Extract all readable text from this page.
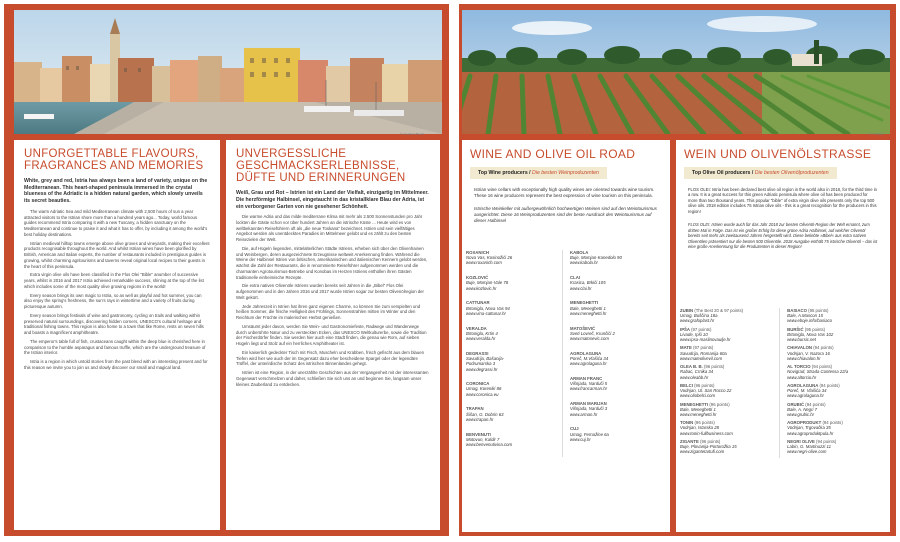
© Jonathan Beerli	© U. Tabela
UNFORGETTABLE FLAVOURS, FRAGRANCES AND MEMORIES

White, grey and red, Istria has always been a land of variety, unique on the Mediterranean. This heart-shaped peninsula immersed in the crystal blueness of the Adriatic is a hidden natural garden, which slowly unveils its secret beauties.

The warm Adriatic Sea and mild Mediterranean climate with 2,500 hours of sun a year attracted visitors to the Istrian shore more than a hundred years ago... Today, world famous guides recommend Istria comparing it with a new Tuscany, a hidden sanctuary on the Mediterranean and continue to praise it and what it has to offer, by including it among the world's best holiday destinations.

Istrian medieval hilltop towns emerge above olive groves and vineyards, making their excellent products recognisable throughout the world. And whilst Istrian wines have been glorified by British, American and Italian experts, the number of restaurants included in prestigious guides is growing, whilst charming agritourisms and taverns reveal original local recipes to their guests in the heart of this peninsula.

Extra virgin olive oils have been classified in the Flos Olei "Bible" anumber of successive years, whilst in 2016 and 2017 Istria achieved remarkable success, shining at the top of the list which includes some of the most quality olive growing regions in the world!

Every season brings its own magic to Istria, so as well as playful and hot summer, you can also enjoy the spring's freshness, the sun's rays in wintertime and a variety of fruits during picturesque autumn.

Every season brings festivals of wine and gastronomy, cycling on trails and walking within preserved natural surroundings, discovering hidden corners, UNESCO's cultural heritage and traditional fishing towns. This region is also home to a town that like Rome, rests on seven hills and boasts a magnificent amphitheatre.

The emperor's table full of fish, crustaceans caught within the deep blue is cherished here in comparison to the humble asparagus and famous truffle, which are the underground treasure of the Istrian interior.

Istria is a region in which untold stories from the past blend with an interesting present and for this reason we invite you to join us and slowly discover our small and magical land.

UNVERGESSLICHE GESCHMACKSERLEBNISSE, DÜFTE UND ERINNERUNGEN

Weiß, Grau und Rot – Istrien ist ein Land der Vielfalt, einzigartig im Mittelmeer. Die herzförmige Halbinsel, eingetaucht in das kristallklare Blau der Adria, ist ein verborgener Garten von nie gesehener Schönheit.

Die warme Adria und das milde mediterrane Klima mit mehr als 2.500 Sonnenstunden pro Jahr lockten die Gäste schon vor über hundert Jahren an die istrische Küste ... Heute wird es von weltbekannten Reiseführern oft als „die neue Toskana" bezeichnet. Istrien und sein vielfältiges Angebot werden als unentdecktes Paradies im Mittelmeer gelobt und es zählt zu den besten Reisezielen der Welt.

Die, auf Hügeln liegenden, mittelalterlichen Städte Istriens, erheben sich über den Olivenhainen und Weinbergen, deren ausgezeichnete Erzeugnisse weltweit Anerkennung finden. Während die Weine der Halbinsel Istrien von britischen, amerikanischen und italienischen Kennern gelobt werden, wächst die Zahl der Restaurants, die in renommierte Reiseführer aufgenommen werden und die charmanten Agrotourismus-Betriebe und Konobas im Herzen Istriens enthüllen ihren Gästen traditionelle einheimische Rezepte.

Die extra nativen Olivenöle Istriens wurden bereits seit Jahren in die „Bibel" Flos Olei aufgenommen und in den Jahren 2016 und 2017 wurde Istrien sogar zur besten Olivenölregion der Welt gekürt.

Jede Jahreszeit in Istrien hat ihren ganz eigenen Charme, so können Sie zum verspielten und heißen Sommer, die frische Helligkeit des Frühlings, Sonnenstrahlen mitten im Winter und den Reichtum der Früchte im malerischen Herbst genießen.

Umsäumt jeder davon, werden Sie Wein- und Gastronomiefeste, Radwege und Wanderwege durch unberührte Natur und zu versteckten Ecken, das UNESCO Weltkulturerbe, sowie die Tradition der Fischerdörfer finden. Sie werden hier auch eine Stadt finden, die genau wie Rom, auf sieben Hügeln liegt und Stolz auf ein herrliches Amphitheater ist.

Ein kaiserlich gedeckter Tisch mit Fisch, Muscheln und Krabben, frisch gefischt aus dem blauen Tiefen wird hier wie auch der im Gegensatz dazu eher bescheidene Spargel oder der legendäre Trüffel, der unterirdische Schatz des istrischen Binnenlandes gehegt.

Istrien ist eine Region, in der unerzählte Geschichten aus der Vergangenheit mit der interessanten Gegenwart verschmelzen und daher, schließen Sie sich uns an und beginnen Sie, langsam unser kleines Zauberland zu entdecken.

WINE AND OLIVE OIL ROAD
Top Wine producers / Die besten Weinproduzenten

Istrian wine cellars with exceptionally high quality wines are oriented towards wine tourism. These 16 wine producers represent the best expression of wine tourism on this peninsula.

Istrische Weinkeller mit außergewöhnlich hochwertigen Weinen sind auf den Weintourismus ausgerichtet. Diese 16 Weinproduzenten sind der beste Ausdruck des Weintourismus auf dieser Halbinsel

ROXANICH
Nova Vas, Kosinožići 26
www.roxanich.com
KOZLOVIĆ
Buje, Momjan-Vale 78
www.kozlovic.hr
CATTUNAR
Brtonigla, Nova Vas 94
www.vina-cattunar.hr
VERALDA
Brtonigla, Krtin 4
www.veralda.hr
DEGRASSI
Savudrija, Bašanija-
Podrumarska 3
www.degrassi.hr
CORONICA
Umag, Koreniki 86
www.coronica.eu
TRAPAN
Šišan, G. Dobrin 63
www.trapan.hr
BENVENUTI
Motovun, Kaldir 7
www.benvenutivina.com
KABOLA
Buje, Momjan-Kanedolo 90
www.kabola.hr
CLAI
Krasica, Brkići 105
www.clai.hr
MENEGHETTI
Bale, Meneghetti 1
www.meneghetti.hr
MATOŠEVIĆ
Sveti Lovreč, Krunčići 2
www.matosevic.com
AGROLAGUNA
Poreč, M.Vlašića 34
www.agrolaguna.hr
ARMAN FRANC
Višnjada, Narduči 5
www.francarman.hr
ARMAN MARIJAN
Višnjada, Narduči 3
www.arman.hr
CUJ
Umag, Fernažine 6a
www.cuj.hr
WEIN UND OLIVENÖLSTRASSE
Top Olive Oil producers / Die besten Olivenölproduzenten

FLOS OLEI: Istria has been declared best olive oil region in the world also in 2018, for the third time in a row. It is a great success for this green Adriatic peninsula where olive oil has been produced for more than two thousand years. This popular "bible" of extra virgin olive oils presents only the top 500 olive oils. 2018 edition includes 75 Istrian olive oils - this is a great recognition for the producers in this region!

FLOS OLEI: Istrien wurde auch für das Jahr 2018 zur besten Olivenöl-Region der Welt ernannt, zum dritten Mal in Folge. Das ist ein großer Erfolg für diese grüne Adria Halbinsel, auf welcher Olivenöl bereits seit mehr als zweitausend Jahren hergestellt wird. Diese beliebte »Bibel« aus extra nativen Olivenölen präsentiert nur die besten 500 Olivenöle. 2018 Ausgabe enthält 75 istrische Olivenöl – das ist eine große Anerkennung für die Produzenten in dieser Region!

ZUBIN (The Best 20 & 97 points)
Umag, Buščina 18a
www.grafoplast.hr
IPŠA (97 points)
Livade, Ipši 10
www.ipsa-maslinovaulje.hr
MATE (97 points)
Savudrija, Romanija 60a
www.mateolivevil.com
OLEA B. B. (96 points)
Rabac, Crnika 34
www.oleabb.hr
BELCI (96 points)
Vodnjan, Ul. San Rocco 22
www.oliobelci.com
MENEGHETTI (96 points)
Bale, Meneghetti 1
www.meneghetti.hr
TONIN (96 points)
Vodnjan, Istarska 28
www.tonin-fullbusiness.com
ZIGANTE (96 points)
Buje, Plovanija-Portorožka 15
www.zigantetartufi.com
BASIACO (95 points)
Bale, A.Mascon 15
www.eboje.info/basiaco
BURŠIĆ (95 points)
Brtonigla, Nova Vas 102
www.bursic.net
CHIAVALON (94 points)
Vodnjan, V. Nazora 16
www.chiavalon.hr
AL TORCIO (94 points)
Novigrad, Strada Contessa 22/a
www.altorcio.hr
AGROLAGUNA (94 points)
Poreč, M. Vlašića 34
www.agrolaguna.hr
GRUBIĆ (94 points)
Bale, A. Negri 7
www.grubic.hr
AGROPRODUKT (94 points)
Vodnjan, Trgovačka 35
www.agroproduktpula.hr
NEGRI OLIVE (94 points)
Labin, G. Martinuzzi 11
www.negri-olive.com
